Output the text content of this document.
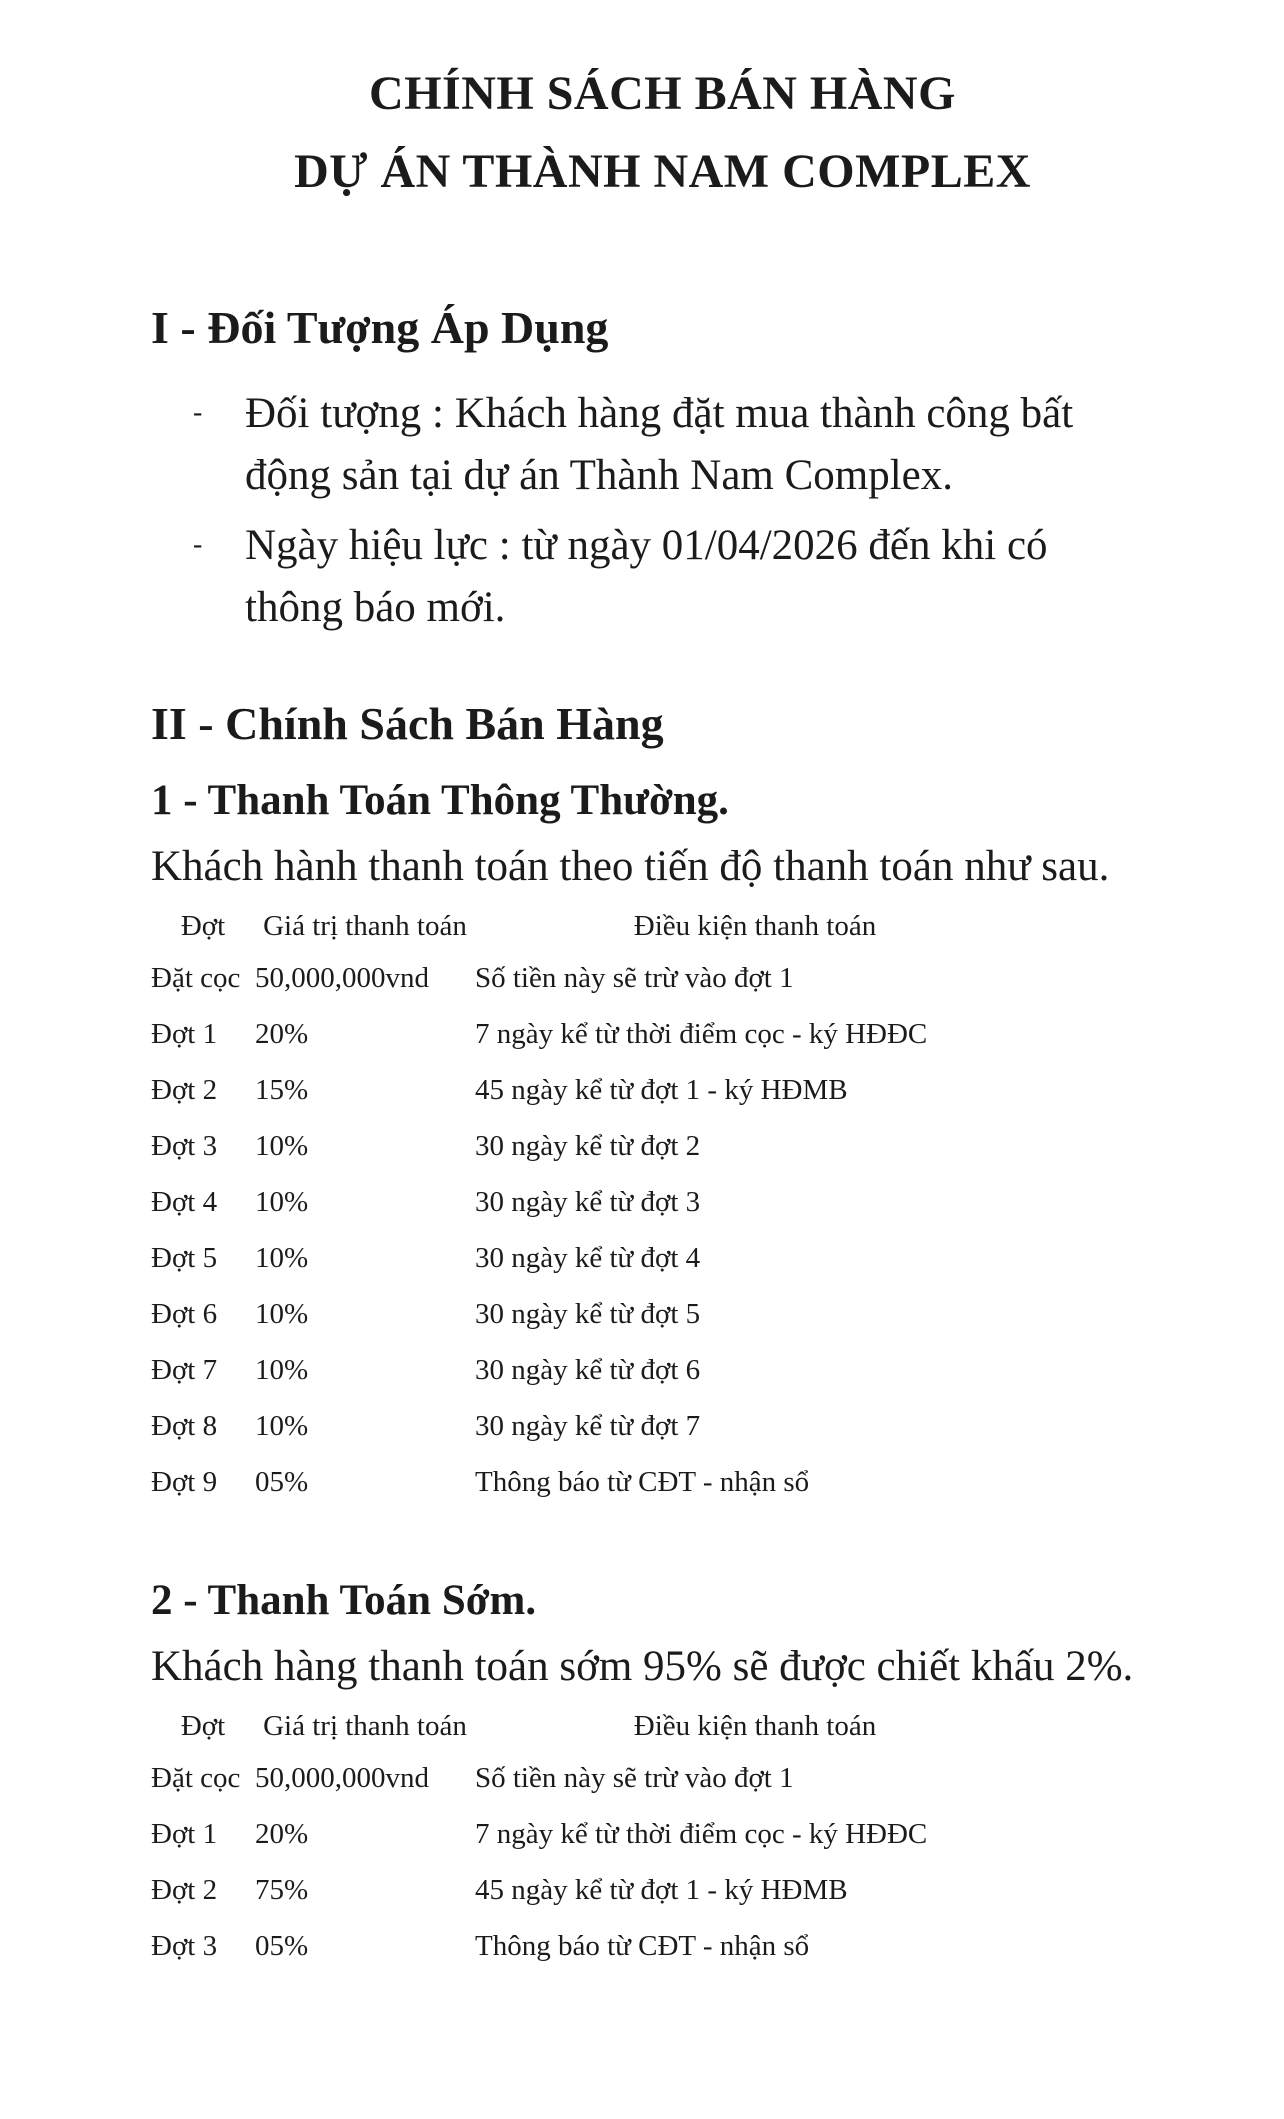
CHÍNH SÁCH BÁN HÀNG
DỰ ÁN THÀNH NAM COMPLEX
I - Đối Tượng Áp Dụng
- Đối tượng : Khách hàng đặt mua thành công bất động sản tại dự án Thành Nam Complex.
- Ngày hiệu lực : từ ngày 01/04/2026 đến khi có thông báo mới.
II - Chính Sách Bán Hàng
1 - Thanh Toán Thông Thường.
Khách hành thanh toán theo tiến độ thanh toán như sau.
Đợt	Giá trị thanh toán	Điều kiện thanh toán
Đặt cọc 50,000,000vnd	Số tiền này sẽ trừ vào đợt 1
Đợt 1	20%	7 ngày kể từ thời điểm cọc - ký HĐĐC
Đợt 2	15%	45 ngày kể từ đợt 1 - ký HĐMB
Đợt 3	10%	30 ngày kể từ đợt 2
Đợt 4	10%	30 ngày kể từ đợt 3
Đợt 5	10%	30 ngày kể từ đợt 4
Đợt 6	10%	30 ngày kể từ đợt 5
Đợt 7	10%	30 ngày kể từ đợt 6
Đợt 8	10%	30 ngày kể từ đợt 7
Đợt 9	05%	Thông báo từ CĐT - nhận sổ
2 - Thanh Toán Sớm.
Khách hàng thanh toán sớm 95% sẽ được chiết khấu 2%.
Đợt	Giá trị thanh toán	Điều kiện thanh toán
Đặt cọc 50,000,000vnd	Số tiền này sẽ trừ vào đợt 1
Đợt 1	20%	7 ngày kể từ thời điểm cọc - ký HĐĐC
Đợt 2	75%	45 ngày kể từ đợt 1 - ký HĐMB
Đợt 3	05%	Thông báo từ CĐT - nhận sổ
